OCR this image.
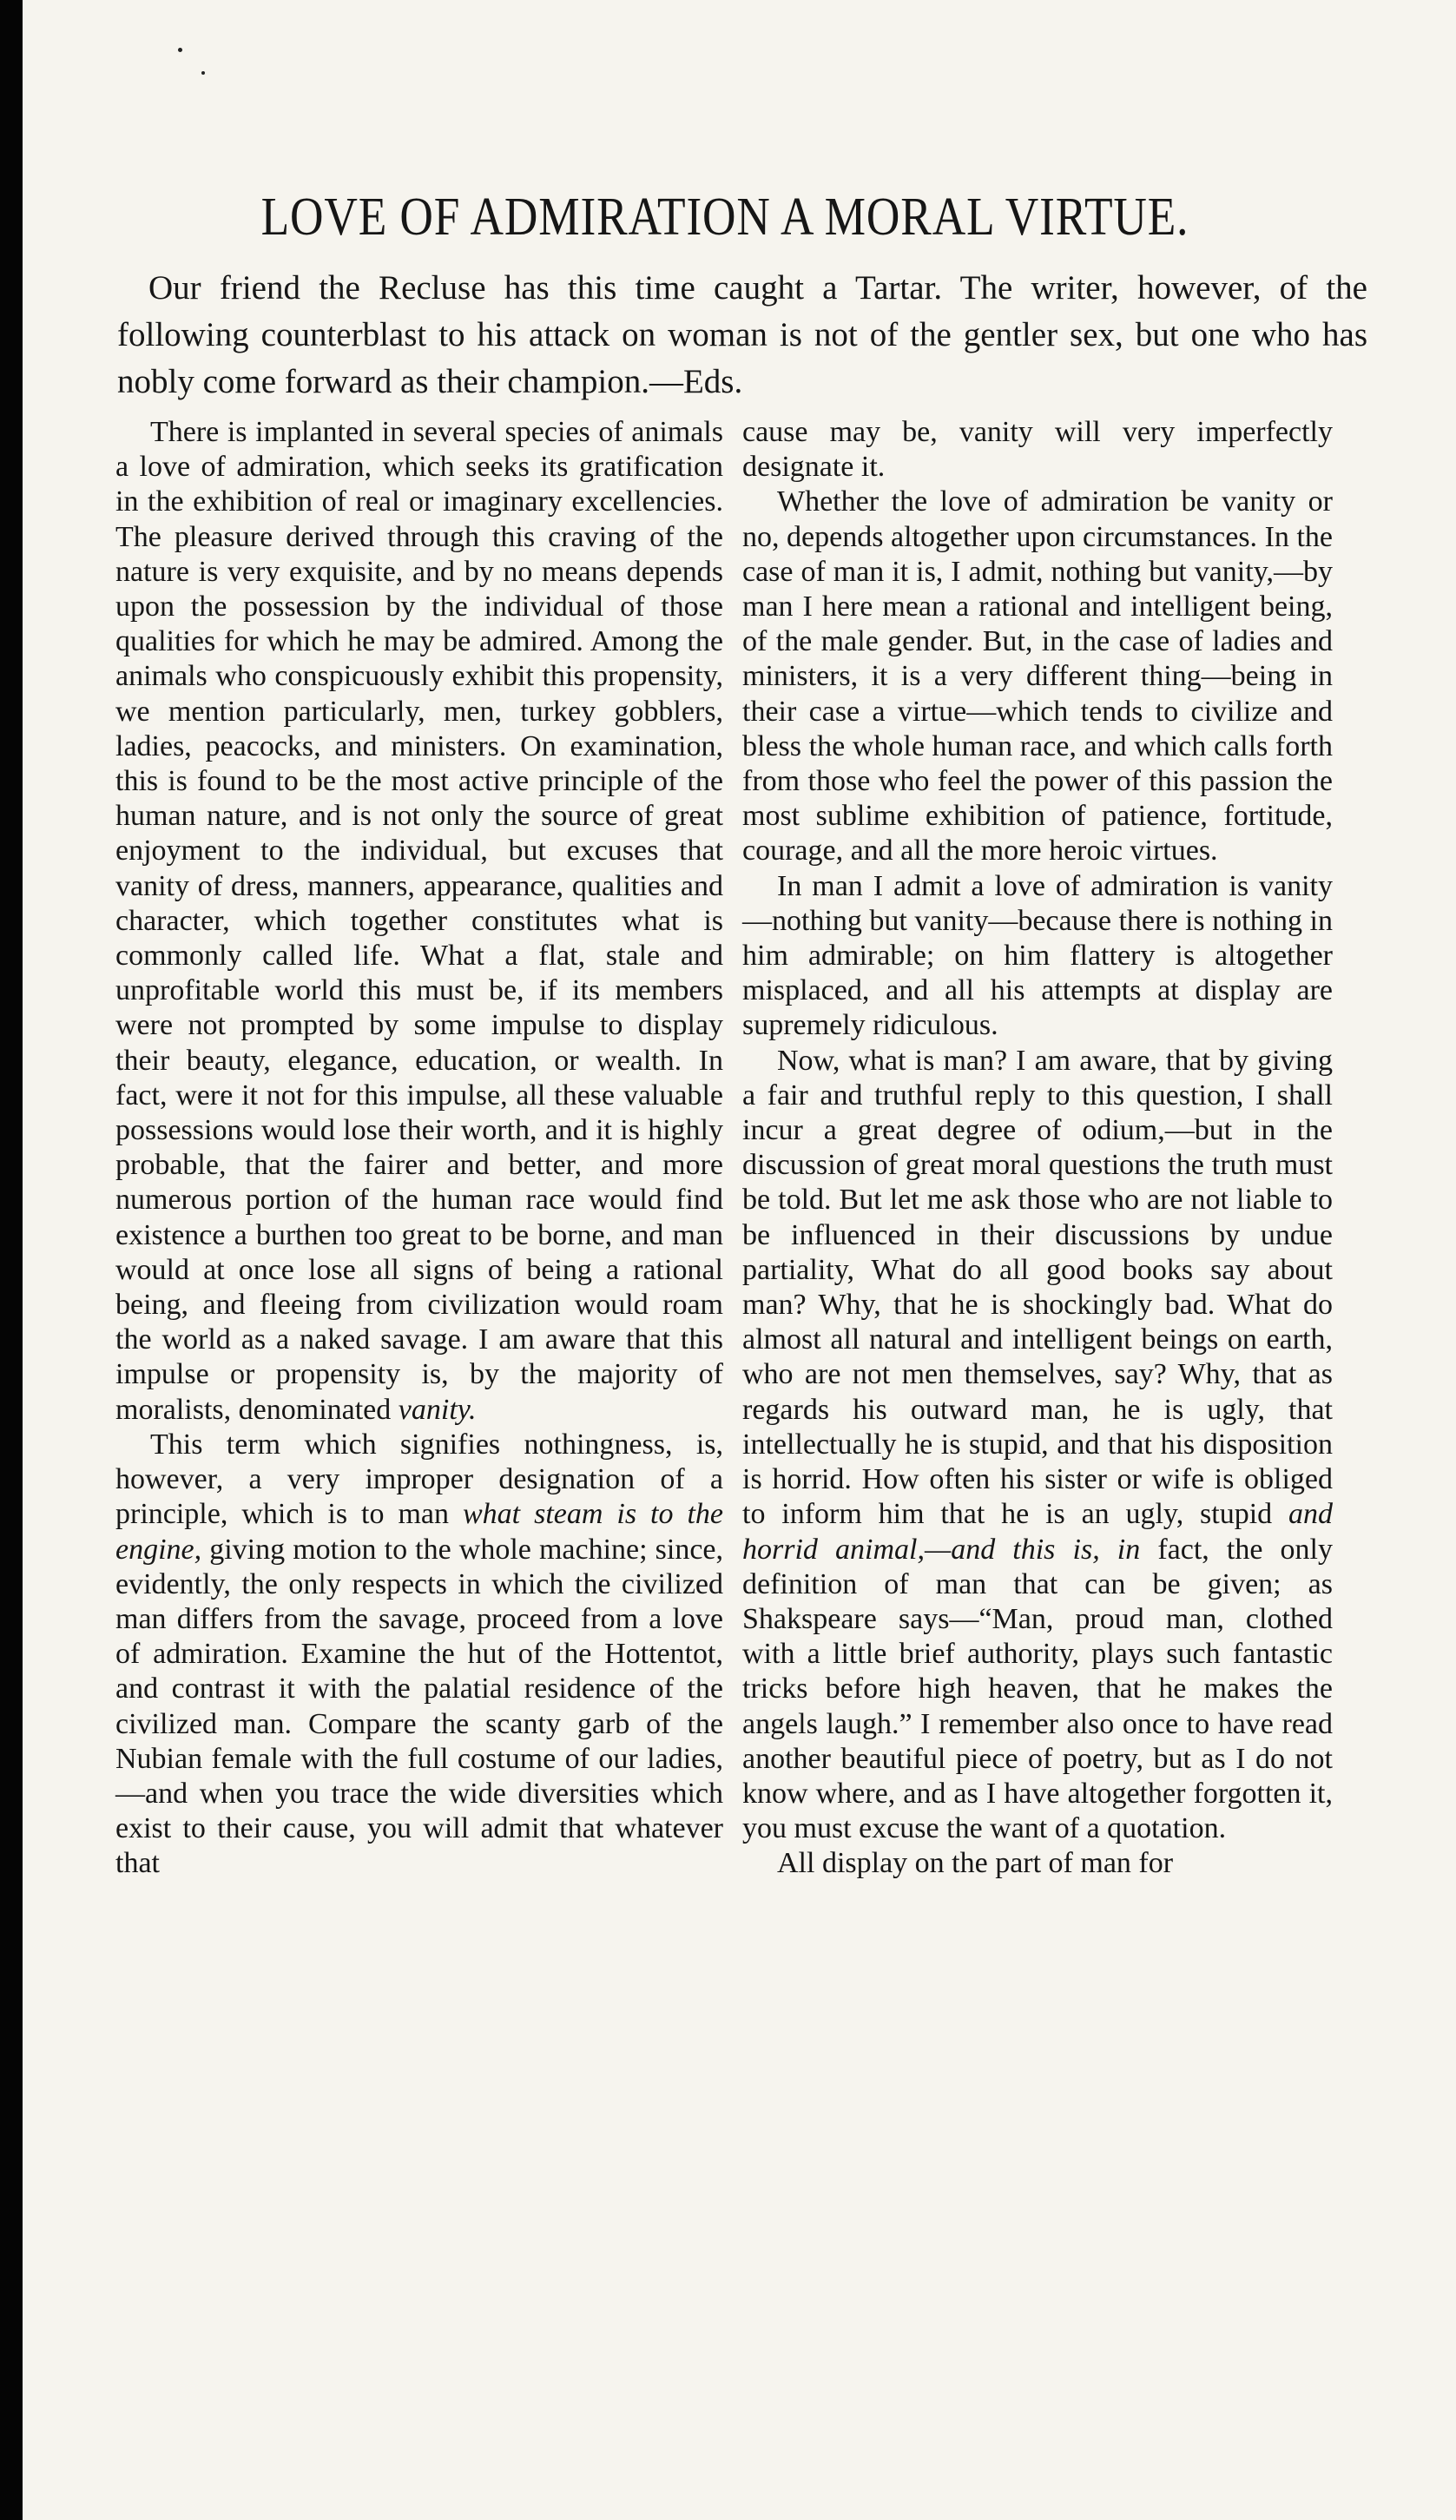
LOVE OF ADMIRATION A MORAL VIRTUE.
Our friend the Recluse has this time caught a Tartar. The writer, however, of the following counterblast to his attack on woman is not of the gentler sex, but one who has nobly come forward as their champion.—Eds.

There is implanted in several species of animals a love of admiration, which seeks its gratification in the exhibition of real or imaginary excellencies. The pleasure derived through this craving of the nature is very exquisite, and by no means depends upon the possession by the individual of those qualities for which he may be admired. Among the animals who conspicuously exhibit this propensity, we mention particularly, men, turkey gobblers, ladies, peacocks, and ministers. On examination, this is found to be the most active principle of the human nature, and is not only the source of great enjoyment to the individual, but excuses that vanity of dress, manners, appearance, qualities and character, which together constitutes what is commonly called life. What a flat, stale and unprofitable world this must be, if its members were not prompted by some impulse to display their beauty, elegance, education, or wealth. In fact, were it not for this impulse, all these valuable possessions would lose their worth, and it is highly probable, that the fairer and better, and more numerous portion of the human race would find existence a burthen too great to be borne, and man would at once lose all signs of being a rational being, and fleeing from civilization would roam the world as a naked savage. I am aware that this impulse or propensity is, by the majority of moralists, denominated vanity.

This term which signifies nothingness, is, however, a very improper designation of a principle, which is to man what steam is to the engine, giving motion to the whole machine; since, evidently, the only respects in which the civilized man differs from the savage, proceed from a love of admiration. Examine the hut of the Hottentot, and contrast it with the palatial residence of the civilized man. Compare the scanty garb of the Nubian female with the full costume of our ladies,—and when you trace the wide diversities which exist to their cause, you will admit that whatever that

cause may be, vanity will very imperfectly designate it.

Whether the love of admiration be vanity or no, depends altogether upon circumstances. In the case of man it is, I admit, nothing but vanity,—by man I here mean a rational and intelligent being, of the male gender. But, in the case of ladies and ministers, it is a very different thing—being in their case a virtue—which tends to civilize and bless the whole human race, and which calls forth from those who feel the power of this passion the most sublime exhibition of patience, fortitude, courage, and all the more heroic virtues.

In man I admit a love of admiration is vanity—nothing but vanity—because there is nothing in him admirable; on him flattery is altogether misplaced, and all his attempts at display are supremely ridiculous.

Now, what is man? I am aware, that by giving a fair and truthful reply to this question, I shall incur a great degree of odium,—but in the discussion of great moral questions the truth must be told. But let me ask those who are not liable to be influenced in their discussions by undue partiality, What do all good books say about man? Why, that he is shockingly bad. What do almost all natural and intelligent beings on earth, who are not men themselves, say? Why, that as regards his outward man, he is ugly, that intellectually he is stupid, and that his disposition is horrid. How often his sister or wife is obliged to inform him that he is an ugly, stupid and horrid animal,—and this is, in fact, the only definition of man that can be given; as Shakspeare says—“Man, proud man, clothed with a little brief authority, plays such fantastic tricks before high heaven, that he makes the angels laugh.” I remember also once to have read another beautiful piece of poetry, but as I do not know where, and as I have altogether forgotten it, you must excuse the want of a quotation.

All display on the part of man for
